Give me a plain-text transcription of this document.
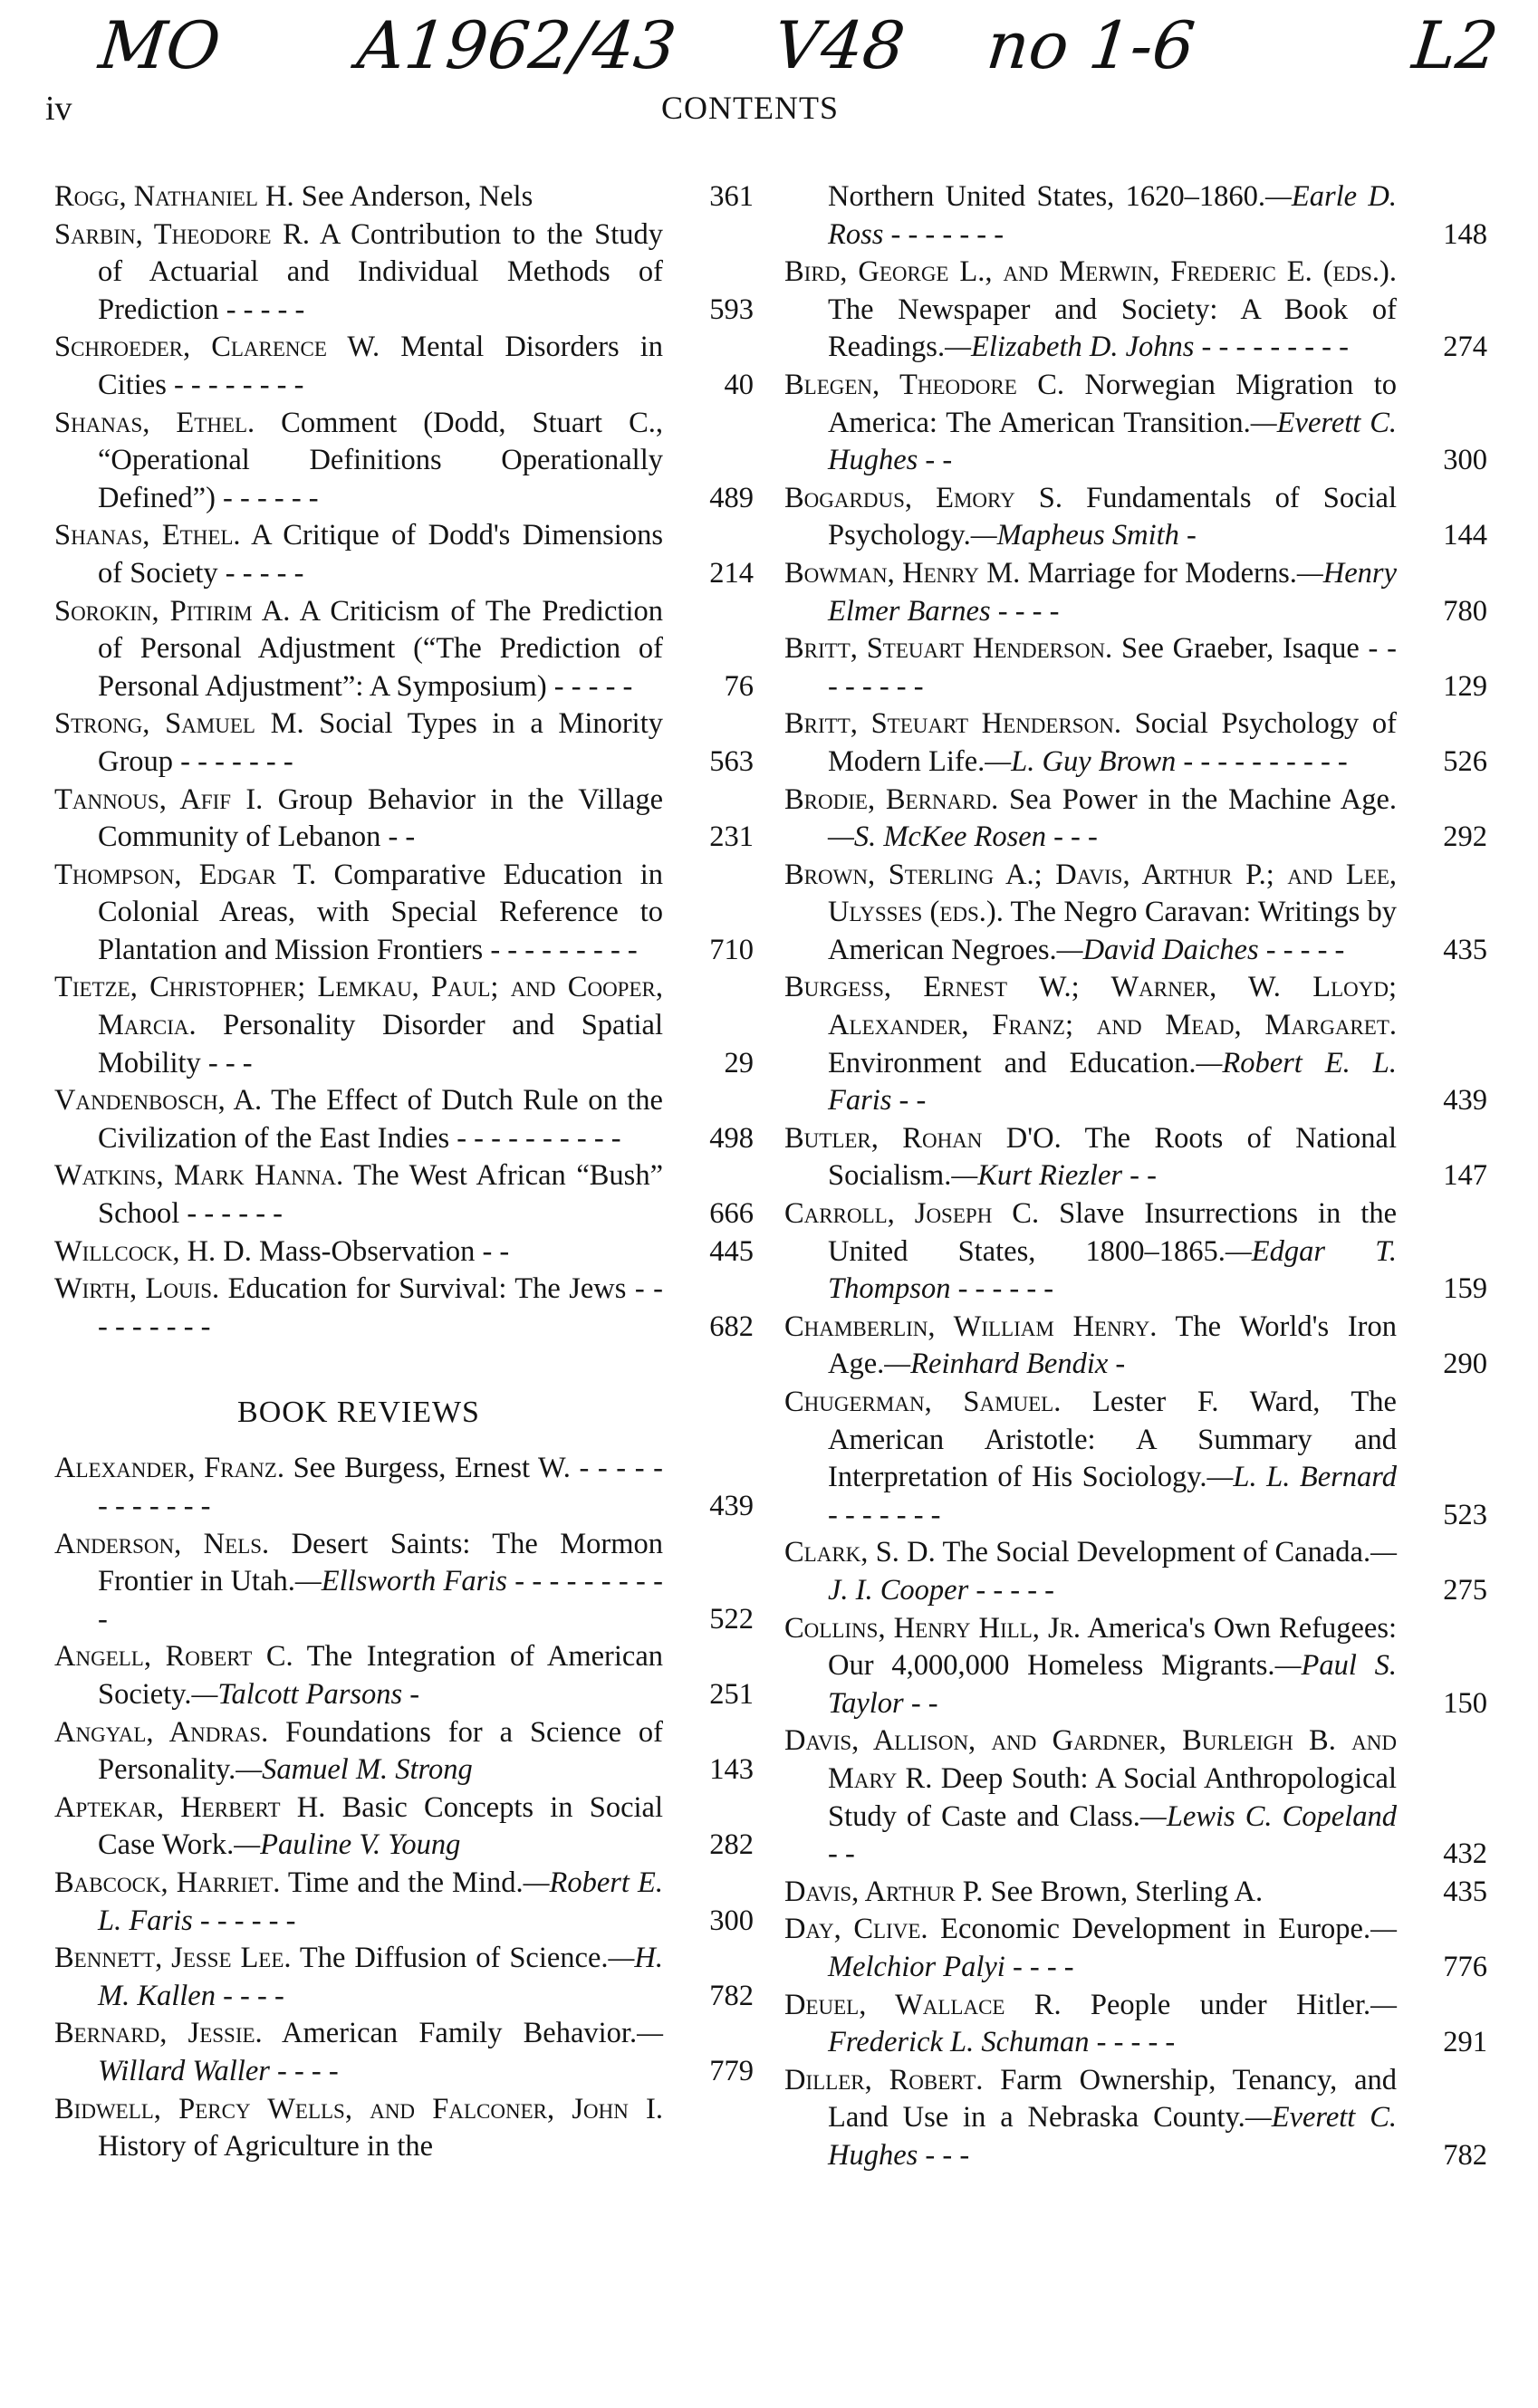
MO A1962/43 V48 no 1-6	L2
iv	CONTENTS
Rogg, Nathaniel H. See Anderson, Nels	361
Sarbin, Theodore R. A Contribution to the Study of Actuarial and Individual Methods of Prediction - - - - -	593
Schroeder, Clarence W. Mental Disorders in Cities - - - - - - - -	40
Shanas, Ethel. Comment (Dodd, Stuart C., “Operational Definitions Operationally Defined”) - - - - - -	489
Shanas, Ethel. A Critique of Dodd's Dimensions of Society - - - - -	214
Sorokin, Pitirim A. A Criticism of The Prediction of Personal Adjustment (“The Prediction of Personal Adjustment”: A Symposium) - - - - -	76
Strong, Samuel M. Social Types in a Minority Group - - - - - - -	563
Tannous, Afif I. Group Behavior in the Village Community of Lebanon - -	231
Thompson, Edgar T. Comparative Education in Colonial Areas, with Special Reference to Plantation and Mission Frontiers - - - - - - - - - 710
Tietze, Christopher; Lemkau, Paul; and Cooper, Marcia. Personality Disorder and Spatial Mobility - - -	29
Vandenbosch, A. The Effect of Dutch Rule on the Civilization of the East Indies - - - - - - - - - -	498
Watkins, Mark Hanna. The West African “Bush” School - - - - - -	666
Willcock, H. D. Mass-Observation - -	445
Wirth, Louis. Education for Survival: The Jews - - - - - - - - -	682
BOOK REVIEWS
Alexander, Franz. See Burgess, Ernest W. - - - - - - - - - - - -	439
Anderson, Nels. Desert Saints: The Mormon Frontier in Utah.—Ellsworth Faris - - - - - - - - - -	522
Angell, Robert C. The Integration of American Society.—Talcott Parsons -	251
Angyal, Andras. Foundations for a Science of Personality.—Samuel M. Strong	143
Aptekar, Herbert H. Basic Concepts in Social Case Work.—Pauline V. Young	282
Babcock, Harriet. Time and the Mind.—Robert E. L. Faris - - - - - -	300
Bennett, Jesse Lee. The Diffusion of Science.—H. M. Kallen - - - -	782
Bernard, Jessie. American Family Behavior.—Willard Waller - - - -	779
Bidwell, Percy Wells, and Falconer, John I. History of Agriculture in the
Northern United States, 1620–1860.—Earle D. Ross - - - - - - -	148
Bird, George L., and Merwin, Frederic E. (eds.). The Newspaper and Society: A Book of Readings.—Elizabeth D. Johns - - - - - - - - -	274
Blegen, Theodore C. Norwegian Migration to America: The American Transition.—Everett C. Hughes - -	300
Bogardus, Emory S. Fundamentals of Social Psychology.—Mapheus Smith -	144
Bowman, Henry M. Marriage for Moderns.—Henry Elmer Barnes - - - -	780
Britt, Steuart Henderson. See Graeber, Isaque - - - - - - - -	129
Britt, Steuart Henderson. Social Psychology of Modern Life.—L. Guy Brown - - - - - - - - - -	526
Brodie, Bernard. Sea Power in the Machine Age.—S. McKee Rosen - - -	292
Brown, Sterling A.; Davis, Arthur P.; and Lee, Ulysses (eds.). The Negro Caravan: Writings by American Negroes.—David Daiches - - - - -	435
Burgess, Ernest W.; Warner, W. Lloyd; Alexander, Franz; and Mead, Margaret. Environment and Education.—Robert E. L. Faris - -	439
Butler, Rohan D'O. The Roots of National Socialism.—Kurt Riezler - -	147
Carroll, Joseph C. Slave Insurrections in the United States, 1800–1865.—Edgar T. Thompson - - - - - -	159
Chamberlin, William Henry. The World's Iron Age.—Reinhard Bendix -	290
Chugerman, Samuel. Lester F. Ward, The American Aristotle: A Summary and Interpretation of His Sociology.—L. L. Bernard - - - - - - -	523
Clark, S. D. The Social Development of Canada.—J. I. Cooper - - - - -	275
Collins, Henry Hill, Jr. America's Own Refugees: Our 4,000,000 Homeless Migrants.—Paul S. Taylor - -	150
Davis, Allison, and Gardner, Burleigh B. and Mary R. Deep South: A Social Anthropological Study of Caste and Class.—Lewis C. Copeland - -	432
Davis, Arthur P. See Brown, Sterling A.	435
Day, Clive. Economic Development in Europe.—Melchior Palyi - - - -	776
Deuel, Wallace R. People under Hitler.—Frederick L. Schuman - - - - -	291
Diller, Robert. Farm Ownership, Tenancy, and Land Use in a Nebraska County.—Everett C. Hughes - - -	782
